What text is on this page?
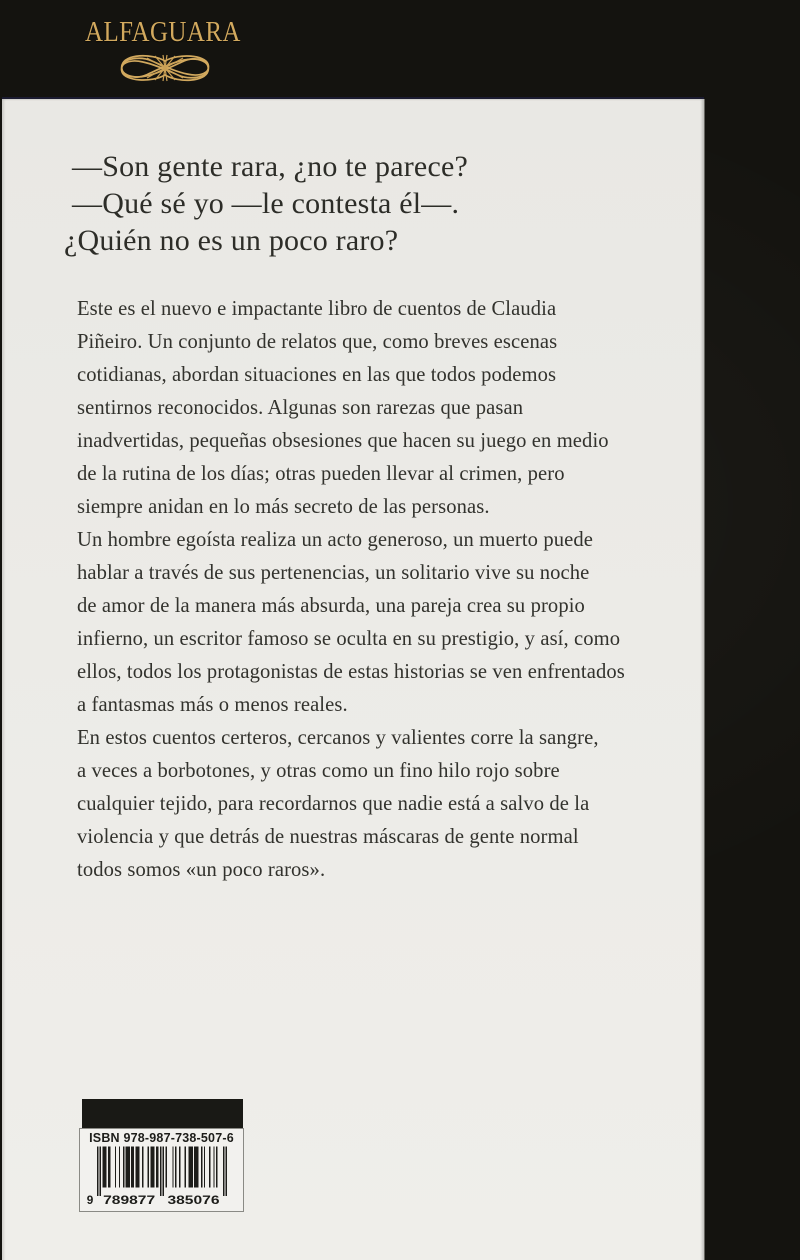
ALFAGUARA
—Son gente rara, ¿no te parece?
—Qué sé yo —le contesta él—.
¿Quién no es un poco raro?
Este es el nuevo e impactante libro de cuentos de Claudia
Piñeiro. Un conjunto de relatos que, como breves escenas
cotidianas, abordan situaciones en las que todos podemos
sentirnos reconocidos. Algunas son rarezas que pasan
inadvertidas, pequeñas obsesiones que hacen su juego en medio
de la rutina de los días; otras pueden llevar al crimen, pero
siempre anidan en lo más secreto de las personas.
Un hombre egoísta realiza un acto generoso, un muerto puede
hablar a través de sus pertenencias, un solitario vive su noche
de amor de la manera más absurda, una pareja crea su propio
infierno, un escritor famoso se oculta en su prestigio, y así, como
ellos, todos los protagonistas de estas historias se ven enfrentados
a fantasmas más o menos reales.
En estos cuentos certeros, cercanos y valientes corre la sangre,
a veces a borbotones, y otras como un fino hilo rojo sobre
cualquier tejido, para recordarnos que nadie está a salvo de la
violencia y que detrás de nuestras máscaras de gente normal
todos somos «un poco raros».
ISBN 978-987-738-507-6
9 789877 385076
